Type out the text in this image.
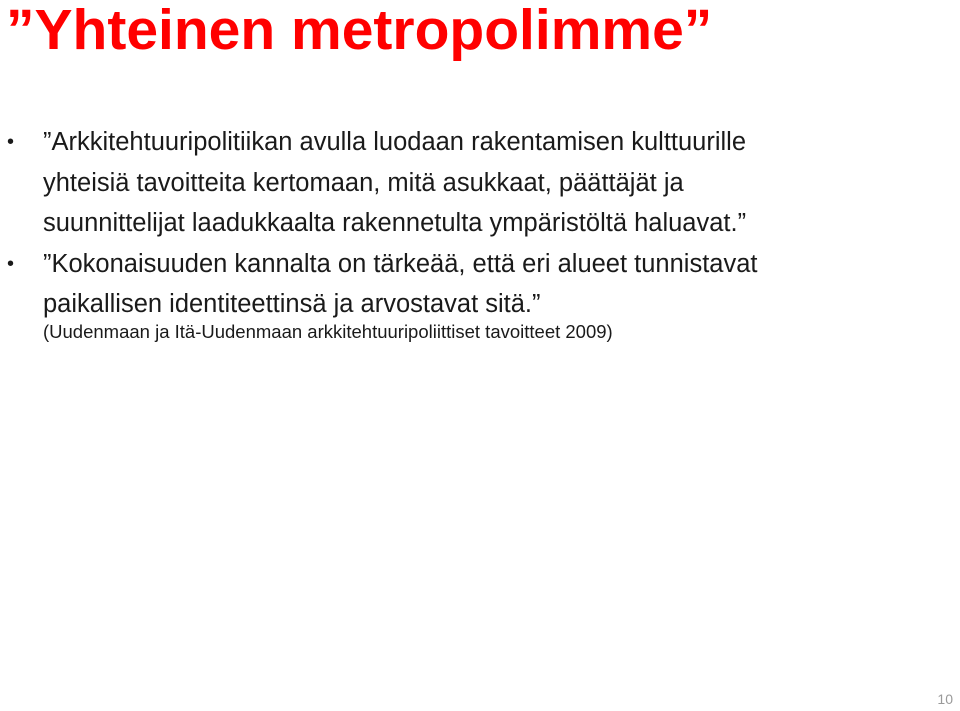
”Yhteinen metropolimme”
• ”Arkkitehtuuripolitiikan avulla luodaan rakentamisen kulttuurille yhteisiä tavoitteita kertomaan, mitä asukkaat, päättäjät ja suunnittelijat laadukkaalta rakennetulta ympäristöltä haluavat.”
• ”Kokonaisuuden kannalta on tärkeää, että eri alueet tunnistavat paikallisen identiteettinsä ja arvostavat sitä.”
(Uudenmaan ja Itä-Uudenmaan arkkitehtuuripoliittiset tavoitteet 2009)
10
